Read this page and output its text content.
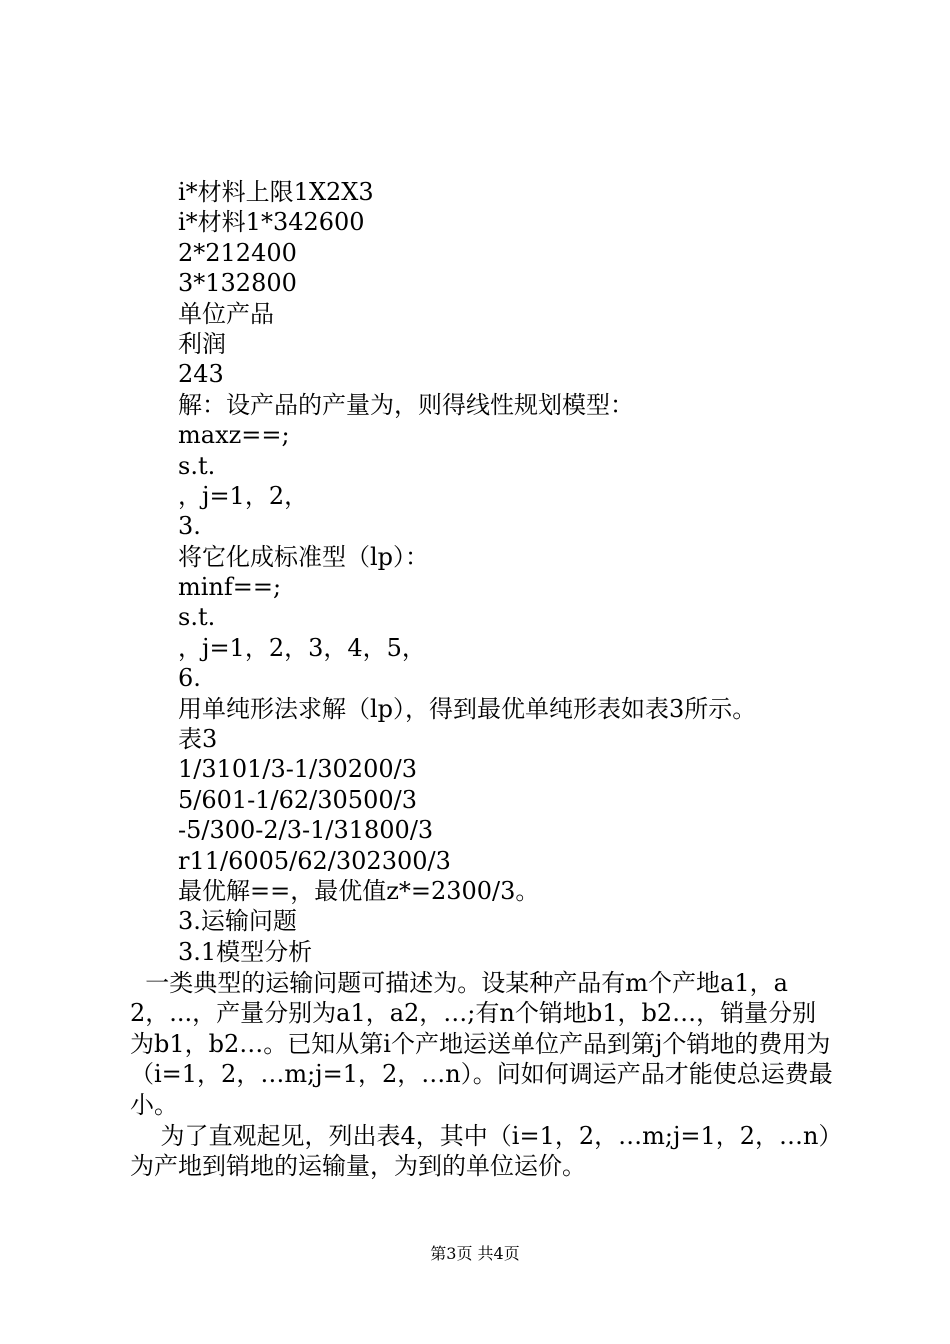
i*材料上限1X2X3
i*材料1*342600
2*212400
3*132800
单位产品
利润
243
解：设产品的产量为，则得线性规划模型：
maxz==;
s.t.
，j=1，2，
3.
将它化成标准型（lp）：
minf==;
s.t.
，j=1，2，3，4，5，
6.
用单纯形法求解（lp），得到最优单纯形表如表3所示。
表3
1/3101/3-1/30200/3
5/601-1/62/30500/3
-5/300-2/3-1/31800/3
r11/6005/62/302300/3
最优解==，最优值z*=2300/3。
3.运输问题
3.1模型分析
一类典型的运输问题可描述为。设某种产品有m个产地a1，a2，...，产量分别为a1，a2，…;有n个销地b1，b2…，销量分别为b1，b2…。已知从第i个产地运送单位产品到第j个销地的费用为（i=1，2，…m;j=1，2，…n）。问如何调运产品才能使总运费最小。
为了直观起见，列出表4，其中（i=1，2，…m;j=1，2，…n）为产地到销地的运输量，为到的单位运价。
第3页 共4页
